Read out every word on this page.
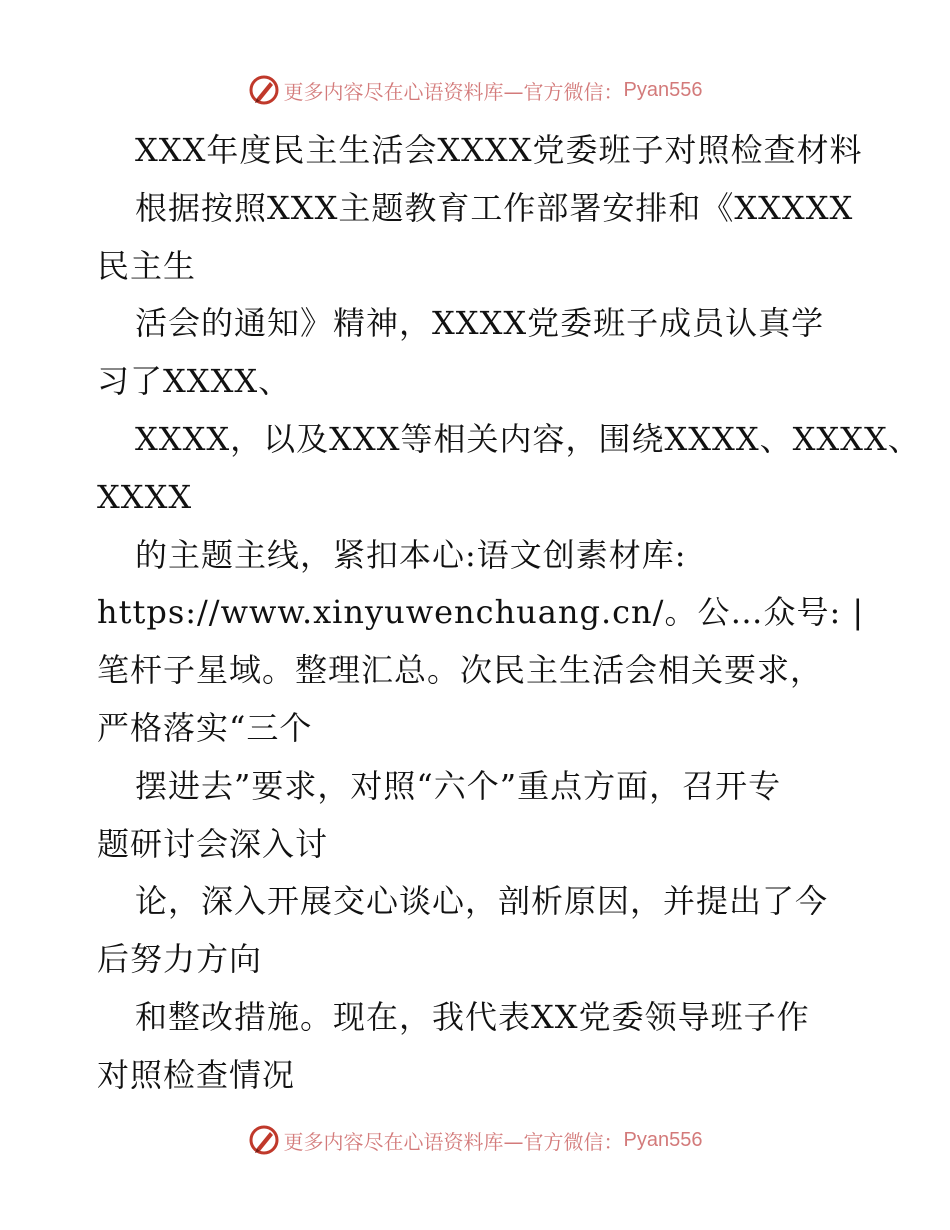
更多内容尽在心语资料库—官方微信： Pyan556
XXX年度民主生活会XXXX党委班子对照检查材料
根据按照XXX主题教育工作部署安排和《XXXXX
民主生
活会的通知》精神，XXXX党委班子成员认真学
习了XXXX、
XXXX，以及XXX等相关内容，围绕XXXX、XXXX、
XXXX
的主题主线，紧扣本心:语文创素材库:
https://www.xinyuwenchuang.cn/。公…众号: |
笔杆子星域。整理汇总。次民主生活会相关要求，
严格落实“三个
摆进去”要求，对照“六个”重点方面，召开专
题研讨会深入讨
论，深入开展交心谈心，剖析原因，并提出了今
后努力方向
和整改措施。现在，我代表XX党委领导班子作
对照检查情况
更多内容尽在心语资料库—官方微信： Pyan556
